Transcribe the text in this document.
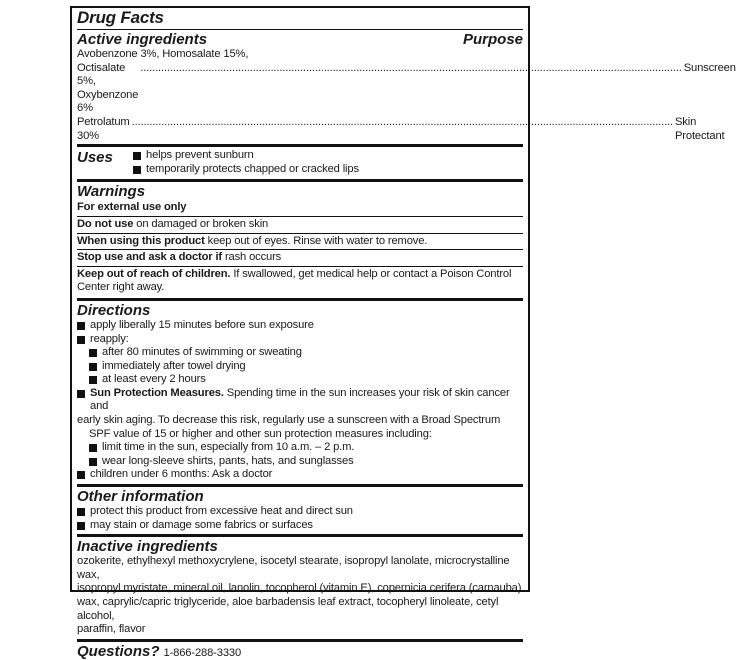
Drug Facts
Active ingredients	Purpose
Avobenzone 3%, Homosalate 15%,
Octisalate 5%, Oxybenzone 6%
.....
Sunscreen
Petrolatum 30%
.....
Skin Protectant
Uses	helps prevent sunburn
temporarily protects chapped or cracked lips
Warnings
For external use only
Do not use on damaged or broken skin
When using this product keep out of eyes. Rinse with water to remove.
Stop use and ask a doctor if rash occurs
Keep out of reach of children. If swallowed, get medical help or contact a Poison Control Center right away.
Directions
apply liberally 15 minutes before sun exposure
reapply:
after 80 minutes of swimming or sweating
immediately after towel drying
at least every 2 hours
Sun Protection Measures. Spending time in the sun increases your risk of skin cancer and
early skin aging. To decrease this risk, regularly use a sunscreen with a Broad Spectrum
SPF value of 15 or higher and other sun protection measures including:
limit time in the sun, especially from 10 a.m. – 2 p.m.
wear long-sleeve shirts, pants, hats, and sunglasses
children under 6 months: Ask a doctor
Other information
protect this product from excessive heat and direct sun
may stain or damage some fabrics or surfaces
Inactive ingredients
ozokerite, ethylhexyl methoxycrylene, isocetyl stearate, isopropyl lanolate, microcrystalline wax,
isopropyl myristate, mineral oil, lanolin, tocopherol (vitamin E), copernicia cerifera (carnauba)
wax, caprylic/capric triglyceride, aloe barbadensis leaf extract, tocopheryl linoleate, cetyl alcohol,
paraffin, flavor
Questions? 1-866-288-3330
